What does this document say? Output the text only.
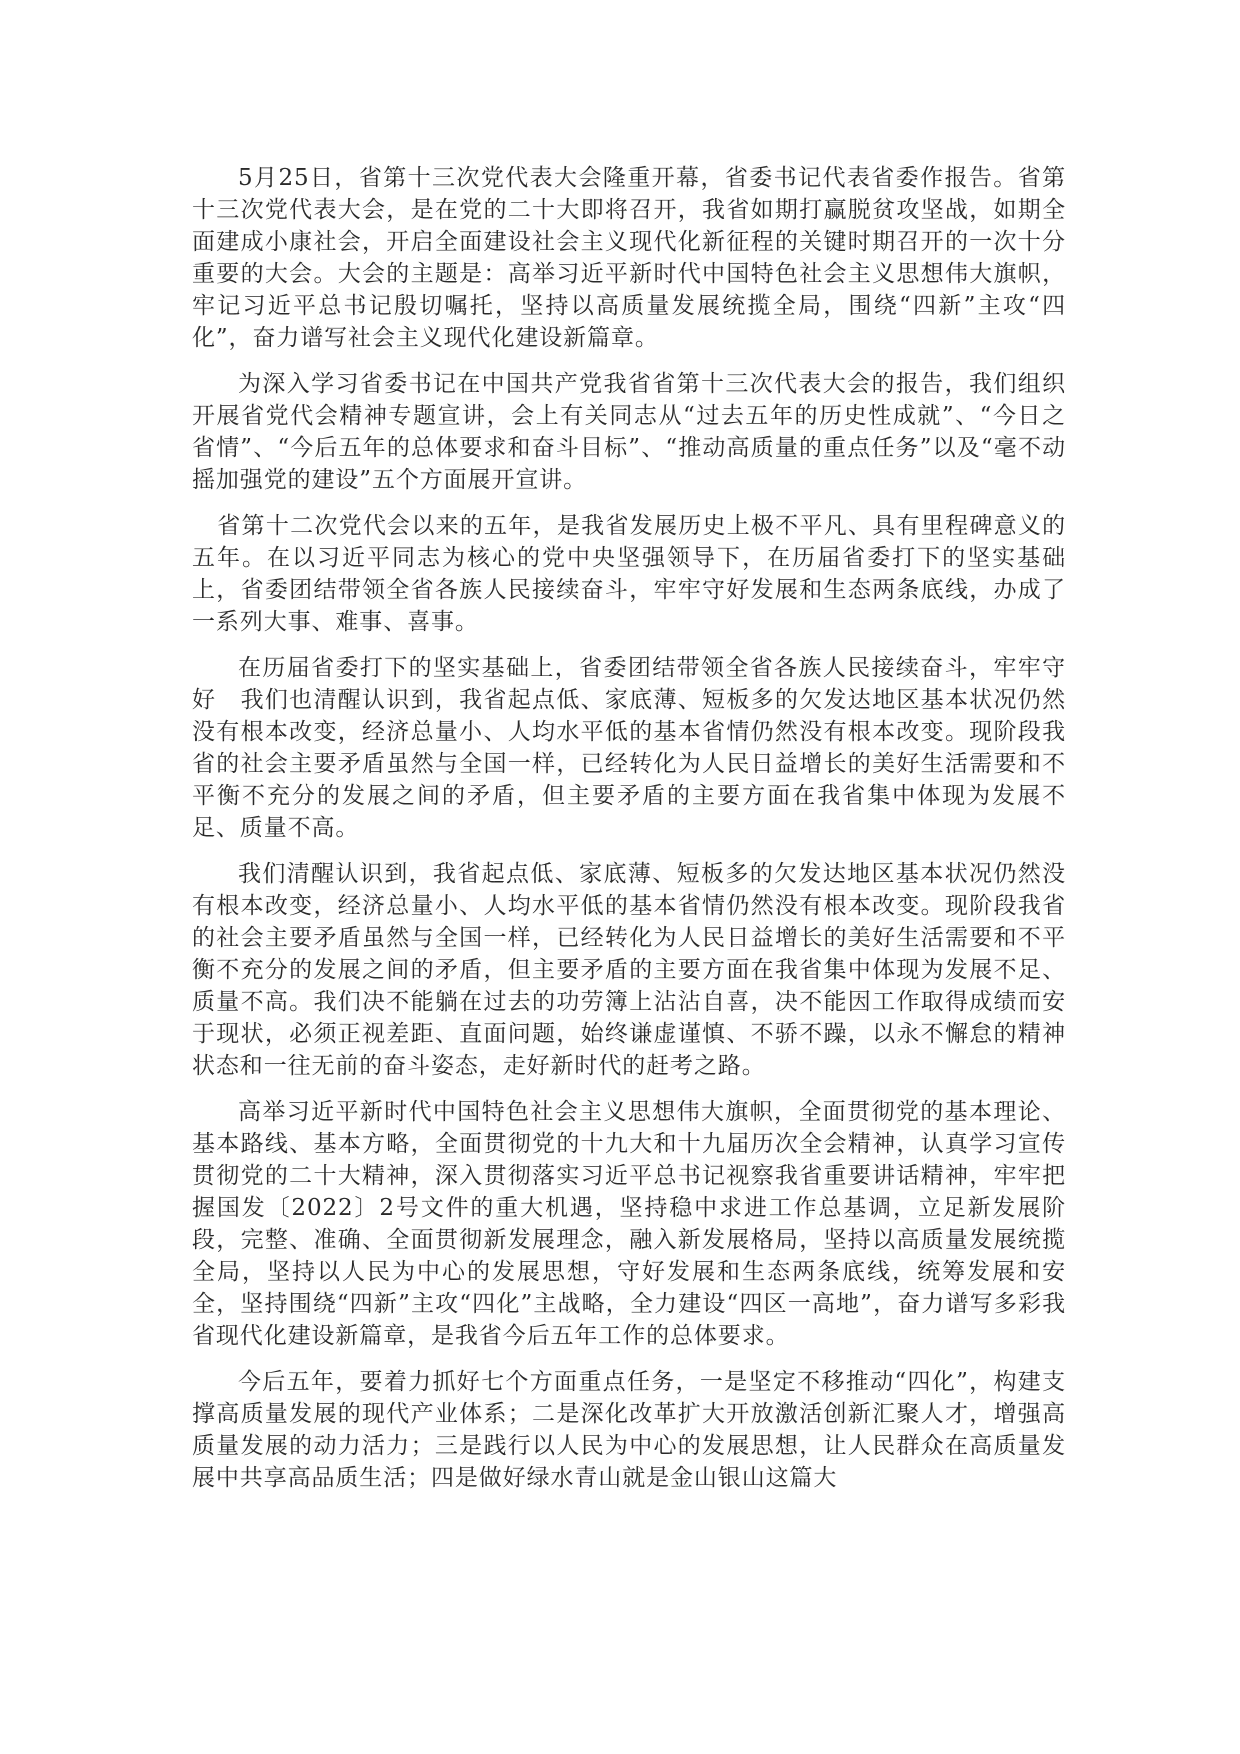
5月25日，省第十三次党代表大会隆重开幕，省委书记代表省委作报告。省第十三次党代表大会，是在党的二十大即将召开，我省如期打赢脱贫攻坚战，如期全面建成小康社会，开启全面建设社会主义现代化新征程的关键时期召开的一次十分重要的大会。大会的主题是：高举习近平新时代中国特色社会主义思想伟大旗帜，牢记习近平总书记殷切嘱托，坚持以高质量发展统揽全局，围绕“四新”主攻“四化”，奋力谱写社会主义现代化建设新篇章。

为深入学习省委书记在中国共产党我省省第十三次代表大会的报告，我们组织开展省党代会精神专题宣讲，会上有关同志从“过去五年的历史性成就”、“今日之省情”、“今后五年的总体要求和奋斗目标”、“推动高质量的重点任务”以及“毫不动摇加强党的建设”五个方面展开宣讲。

省第十二次党代会以来的五年，是我省发展历史上极不平凡、具有里程碑意义的五年。在以习近平同志为核心的党中央坚强领导下，在历届省委打下的坚实基础上，省委团结带领全省各族人民接续奋斗，牢牢守好发展和生态两条底线，办成了一系列大事、难事、喜事。

在历届省委打下的坚实基础上，省委团结带领全省各族人民接续奋斗，牢牢守好　我们也清醒认识到，我省起点低、家底薄、短板多的欠发达地区基本状况仍然没有根本改变，经济总量小、人均水平低的基本省情仍然没有根本改变。现阶段我省的社会主要矛盾虽然与全国一样，已经转化为人民日益增长的美好生活需要和不平衡不充分的发展之间的矛盾，但主要矛盾的主要方面在我省集中体现为发展不足、质量不高。

我们清醒认识到，我省起点低、家底薄、短板多的欠发达地区基本状况仍然没有根本改变，经济总量小、人均水平低的基本省情仍然没有根本改变。现阶段我省的社会主要矛盾虽然与全国一样，已经转化为人民日益增长的美好生活需要和不平衡不充分的发展之间的矛盾，但主要矛盾的主要方面在我省集中体现为发展不足、质量不高。我们决不能躺在过去的功劳簿上沾沾自喜，决不能因工作取得成绩而安于现状，必须正视差距、直面问题，始终谦虚谨慎、不骄不躁，以永不懈怠的精神状态和一往无前的奋斗姿态，走好新时代的赶考之路。

高举习近平新时代中国特色社会主义思想伟大旗帜，全面贯彻党的基本理论、基本路线、基本方略，全面贯彻党的十九大和十九届历次全会精神，认真学习宣传贯彻党的二十大精神，深入贯彻落实习近平总书记视察我省重要讲话精神，牢牢把握国发〔2022〕2号文件的重大机遇，坚持稳中求进工作总基调，立足新发展阶段，完整、准确、全面贯彻新发展理念，融入新发展格局，坚持以高质量发展统揽全局，坚持以人民为中心的发展思想，守好发展和生态两条底线，统筹发展和安全，坚持围绕“四新”主攻“四化”主战略，全力建设“四区一高地”，奋力谱写多彩我省现代化建设新篇章，是我省今后五年工作的总体要求。

今后五年，要着力抓好七个方面重点任务，一是坚定不移推动“四化”，构建支撑高质量发展的现代产业体系；二是深化改革扩大开放激活创新汇聚人才，增强高质量发展的动力活力；三是践行以人民为中心的发展思想，让人民群众在高质量发展中共享高品质生活；四是做好绿水青山就是金山银山这篇大
